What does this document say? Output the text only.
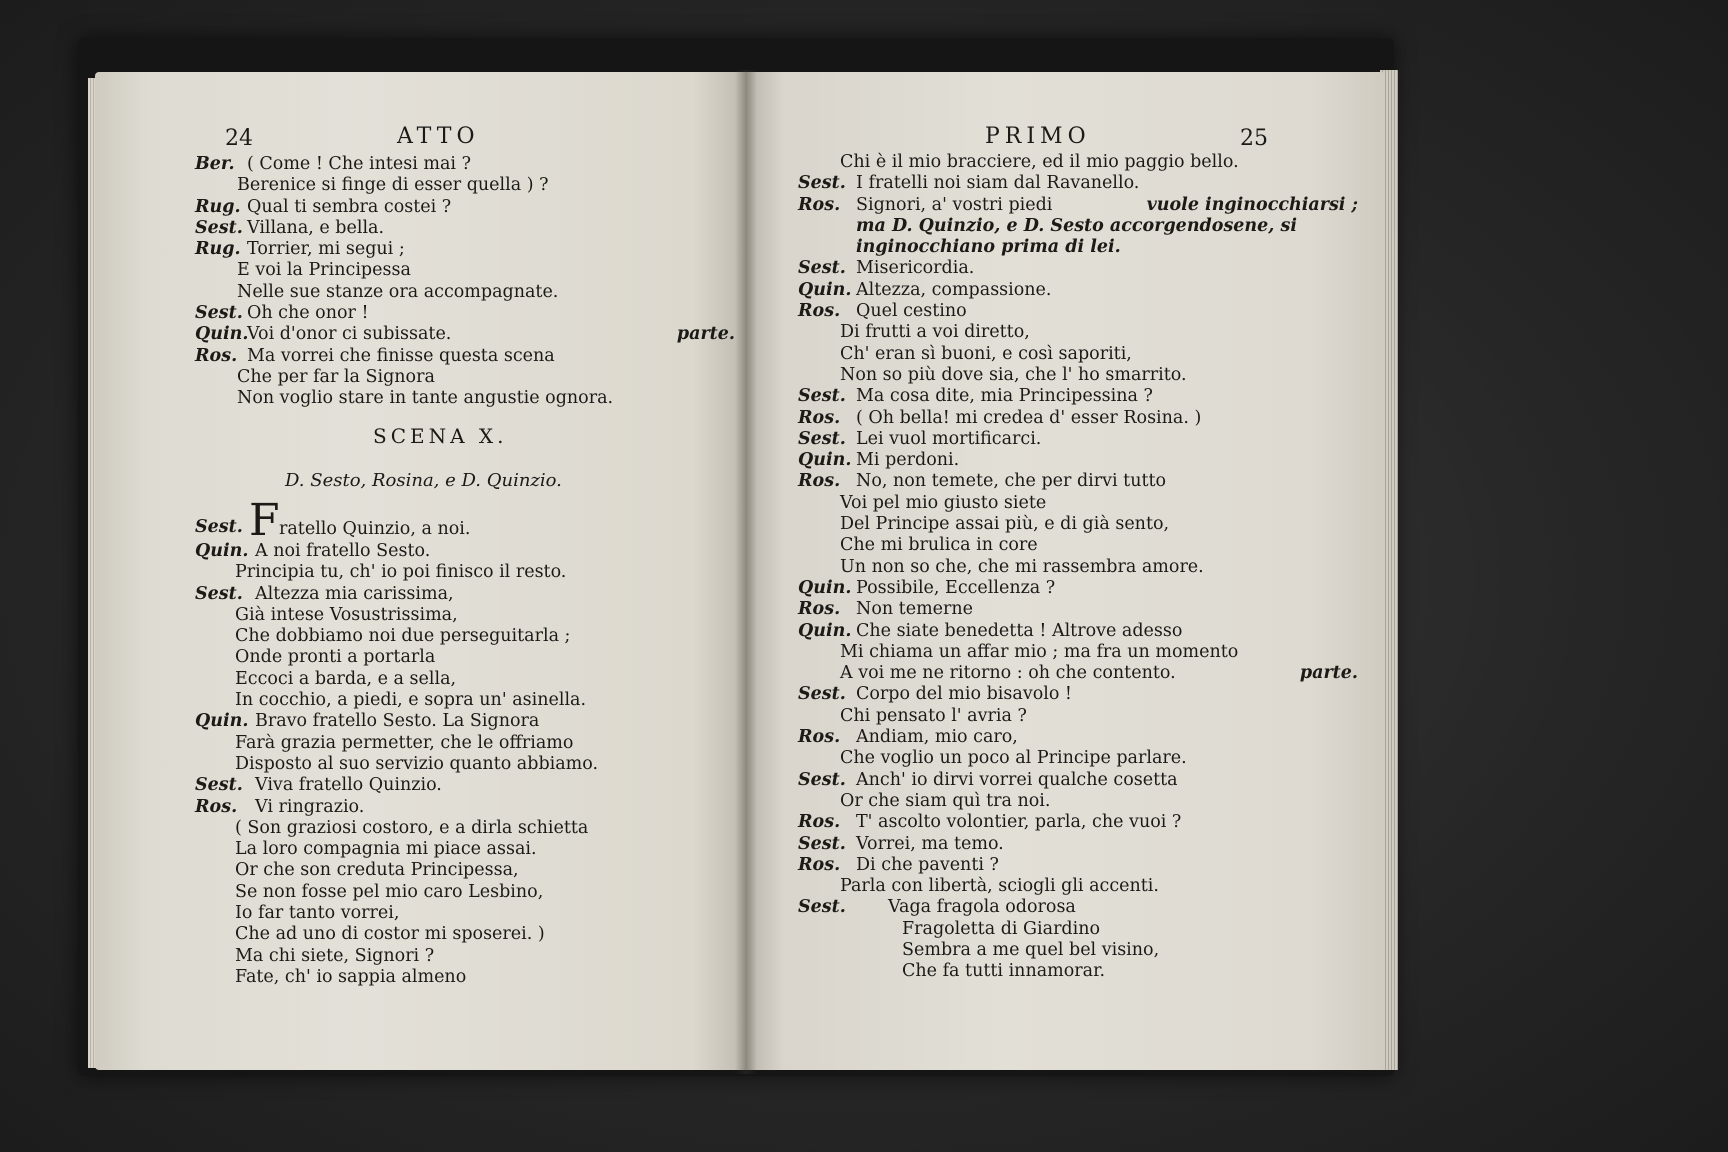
24	ATTO
Ber. ( Come ! Che intesi mai ?
Berenice si finge di esser quella ) ?
Rug. Qual ti sembra costei ?
Sest. Villana, e bella.
Rug. Torrier, mi segui ;
E voi la Principessa
Nelle sue stanze ora accompagnate.
Sest. Oh che onor !
Quin.
Voi d'onor ci subissate.	parte.
Ros. Ma vorrei che finisse questa scena
Che per far la Signora
Non voglio stare in tante angustie ognora.
SCENA X.
D. Sesto, Rosina, e D. Quinzio.
Sest. F ratello Quinzio, a noi.
Quin. A noi fratello Sesto.
Principia tu, ch' io poi finisco il resto.
Sest. Altezza mia carissima,
Già intese Vosustrissima,
Che dobbiamo noi due perseguitarla ;
Onde pronti a portarla
Eccoci a barda, e a sella,
In cocchio, a piedi, e sopra un' asinella.
Quin. Bravo fratello Sesto. La Signora
Farà grazia permetter, che le offriamo
Disposto al suo servizio quanto abbiamo.
Sest. Viva fratello Quinzio.
Ros. Vi ringrazio.
( Son graziosi costoro, e a dirla schietta
La loro compagnia mi piace assai.
Or che son creduta Principessa,
Se non fosse pel mio caro Lesbino,
Io far tanto vorrei,
Che ad uno di costor mi sposerei. )
Ma chi siete, Signori ?
Fate, ch' io sappia almeno
PRIMO	25
Chi è il mio bracciere, ed il mio paggio bello.
Sest. I fratelli noi siam dal Ravanello.
Ros. Signori, a' vostri piedi	vuole inginocchiarsi ;
ma D. Quinzio, e D. Sesto accorgendosene, si
inginocchiano prima di lei.
Sest. Misericordia.
Quin. Altezza, compassione.
Ros. Quel cestino
Di frutti a voi diretto,
Ch' eran sì buoni, e così saporiti,
Non so più dove sia, che l' ho smarrito.
Sest. Ma cosa dite, mia Principessina ?
Ros. ( Oh bella! mi credea d' esser Rosina. )
Sest. Lei vuol mortificarci.
Quin. Mi perdoni.
Ros. No, non temete, che per dirvi tutto
Voi pel mio giusto siete
Del Principe assai più, e di già sento,
Che mi brulica in core
Un non so che, che mi rassembra amore.
Quin. Possibile, Eccellenza ?
Ros. Non temerne
Quin. Che siate benedetta ! Altrove adesso
Mi chiama un affar mio ; ma fra un momento
A voi me ne ritorno : oh che contento.	parte.
Sest. Corpo del mio bisavolo !
Chi pensato l' avria ?
Ros. Andiam, mio caro,
Che voglio un poco al Principe parlare.
Sest. Anch' io dirvi vorrei qualche cosetta
Or che siam quì tra noi.
Ros. T' ascolto volontier, parla, che vuoi ?
Sest. Vorrei, ma temo.
Ros. Di che paventi ?
Parla con libertà, sciogli gli accenti.
Sest. Vaga fragola odorosa
Fragoletta di Giardino
Sembra a me quel bel visino,
Che fa tutti innamorar.
